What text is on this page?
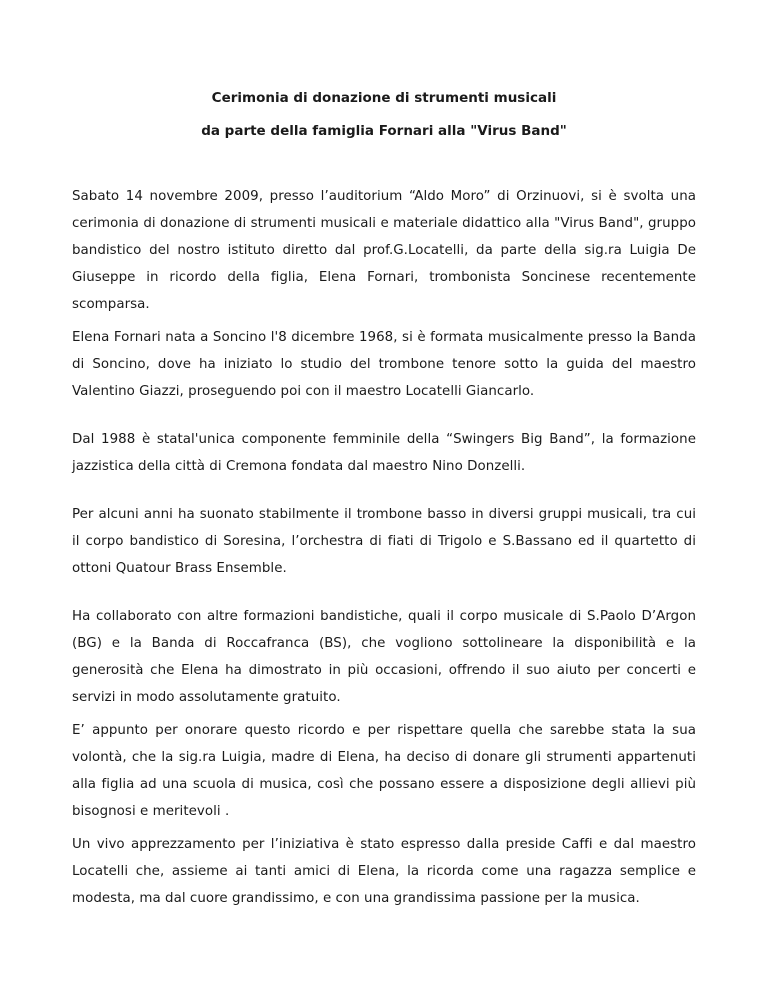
Cerimonia di donazione di strumenti musicali

da parte della famiglia Fornari alla "Virus Band"

Sabato 14 novembre 2009, presso l’auditorium “Aldo Moro” di Orzinuovi, si è svolta una cerimonia di donazione di strumenti musicali e materiale didattico alla "Virus Band", gruppo bandistico del nostro istituto diretto dal prof.G.Locatelli, da parte della sig.ra Luigia De Giuseppe in ricordo della figlia, Elena Fornari, trombonista Soncinese recentemente scomparsa.

Elena Fornari nata a Soncino l'8 dicembre 1968, si è formata musicalmente presso la Banda di Soncino, dove ha iniziato lo studio del trombone tenore sotto la guida del maestro Valentino Giazzi, proseguendo poi con il maestro Locatelli Giancarlo.

Dal 1988 è statal'unica componente femminile della “Swingers Big Band”, la formazione jazzistica della città di Cremona fondata dal maestro Nino Donzelli.

Per alcuni anni ha suonato stabilmente il trombone basso in diversi gruppi musicali, tra cui il corpo bandistico di Soresina, l’orchestra di fiati di Trigolo e S.Bassano ed il quartetto di ottoni Quatour Brass Ensemble.

Ha collaborato con altre formazioni bandistiche, quali il corpo musicale di S.Paolo D’Argon (BG) e la Banda di Roccafranca (BS), che vogliono sottolineare la disponibilità e la generosità che Elena ha dimostrato in più occasioni, offrendo il suo aiuto per concerti e servizi in modo assolutamente gratuito.

E’ appunto per onorare questo ricordo e per rispettare quella che sarebbe stata la sua volontà, che la sig.ra Luigia, madre di Elena, ha deciso di donare gli strumenti appartenuti alla figlia ad una scuola di musica, così che possano essere a disposizione degli allievi più bisognosi e meritevoli .

Un vivo apprezzamento per l’iniziativa è stato espresso dalla preside Caffi e dal maestro Locatelli che, assieme ai tanti amici di Elena, la ricorda come una ragazza semplice e modesta, ma dal cuore grandissimo, e con una grandissima passione per la musica.
